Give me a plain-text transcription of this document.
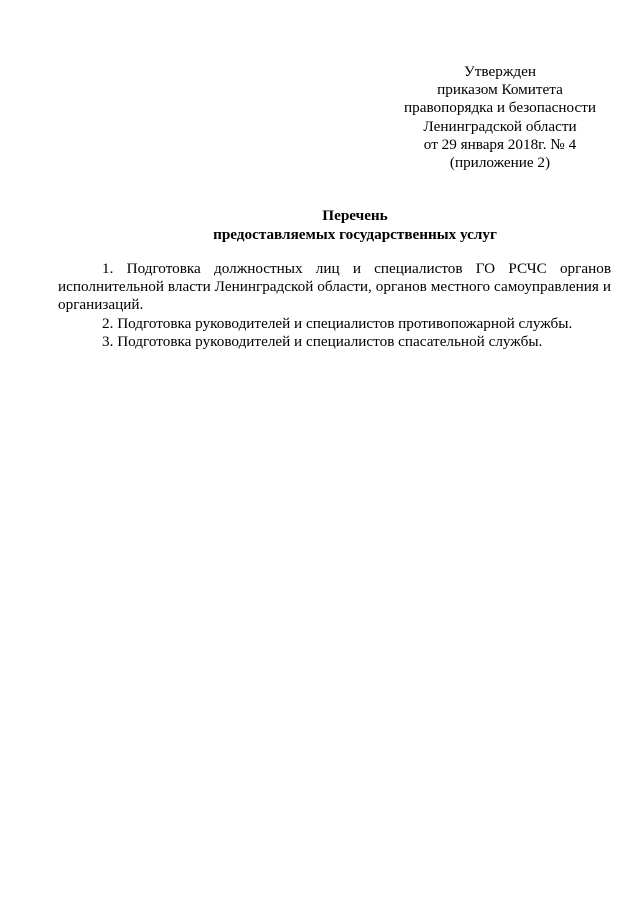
Утвержден
приказом Комитета
правопорядка и безопасности
Ленинградской области
от 29 января 2018г. № 4
(приложение 2)
Перечень
предоставляемых государственных услуг

1. Подготовка должностных лиц и специалистов ГО РСЧС органов исполнительной власти Ленинградской области, органов местного самоуправления и организаций.

2. Подготовка руководителей и специалистов противопожарной службы.

3. Подготовка руководителей и специалистов спасательной службы.
